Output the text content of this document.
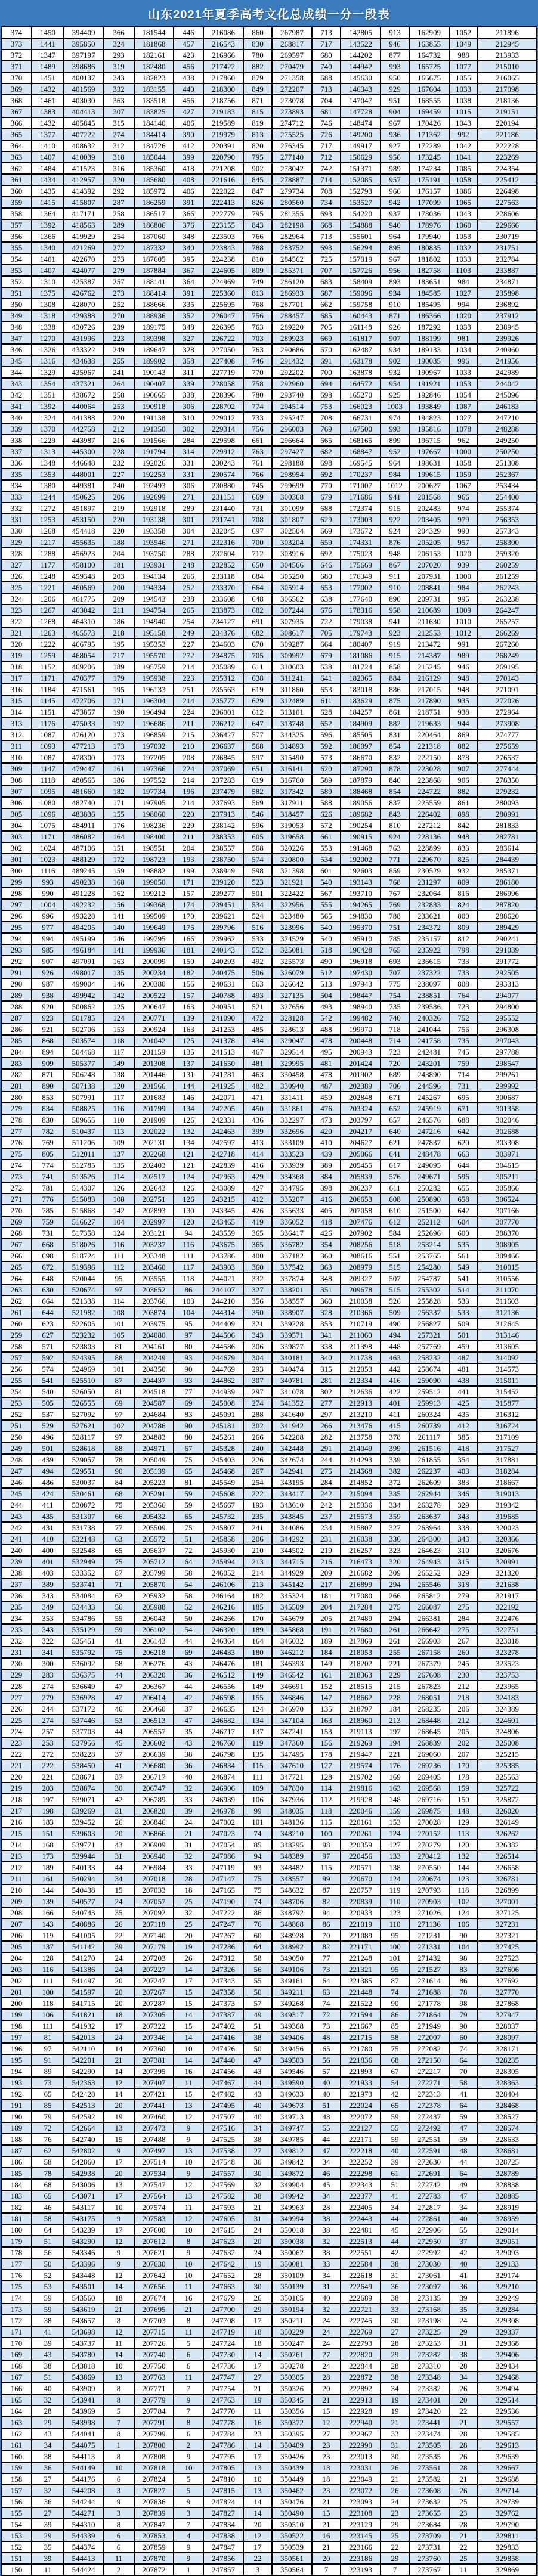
山东2021年夏季高考文化总成绩一分一段表
374	1450	394409	366	181544	446	216086	860	267987	713	142805	913	162909	1052	211896
373	1441	395850	324	181868	457	216543	830	268817	717	143522	946	163855	1049	212945
372	1347	397197	293	182161	423	216966	780	269597	680	144202	877	164732	988	213933
371	1489	398686	319	182480	456	217422	882	270479	740	144942	993	165725	1077	215010
370	1451	400137	343	182823	438	217860	879	271358	688	145630	950	166675	1055	216065
369	1432	401569	332	183155	440	218300	849	272207	713	146343	929	167604	1033	217098
368	1461	403030	363	183518	456	218756	871	273078	704	147047	951	168555	1038	218136
367	1383	404413	307	183825	427	219183	815	273893	681	147728	904	169459	1015	219151
366	1432	405845	315	184140	406	219589	819	274712	746	148474	967	170426	1043	220194
365	1377	407222	274	184414	390	219979	813	275525	726	149200	936	171362	992	221186
364	1410	408632	312	184726	412	220391	820	276345	717	149917	927	172289	1042	222228
363	1407	410039	318	185044	399	220790	795	277140	712	150629	956	173245	1041	223269
362	1484	411523	316	185360	418	221208	902	278042	742	151371	989	174234	1085	224354
361	1434	412957	320	185680	408	221616	845	278887	714	152085	957	175191	1058	225412
360	1435	414392	292	185972	406	222022	847	279734	708	152793	966	176157	1086	226498
359	1415	415807	287	186259	391	222413	826	280560	734	153527	942	177099	1065	227563
358	1364	417171	258	186517	366	222779	795	281355	693	154220	937	178036	1043	228606
357	1392	418563	289	186806	376	223155	843	282198	668	154888	940	178976	1060	229666
356	1366	419929	254	187060	348	223503	766	282964	713	155601	964	179940	1053	230719
355	1340	421269	272	187332	340	223843	788	283752	693	156294	895	180835	1032	231751
354	1401	422670	273	187605	395	224238	810	284562	725	157019	967	181802	1033	232784
353	1407	424077	279	187884	367	224605	809	285371	707	157726	956	182758	1103	233887
352	1310	425387	257	188141	364	224969	749	286120	683	158409	893	183651	984	234871
351	1375	426762	273	188414	391	225360	813	286933	687	159096	934	184585	1027	235898
350	1308	428070	252	188666	335	225695	768	287701	662	159758	910	185495	994	236892
349	1318	429388	270	188936	352	226047	756	288457	685	160443	871	186366	1020	237912
348	1338	430726	239	189175	348	226395	763	289220	705	161148	926	187292	1033	238945
347	1270	431996	223	189398	327	226722	703	289923	669	161817	907	188199	981	239926
346	1326	433322	249	189647	328	227050	763	290686	670	162487	934	189133	1034	240960
345	1316	434638	255	189902	358	227408	746	291432	691	163178	902	190035	996	241956
344	1329	435967	241	190143	311	227719	770	292202	700	163878	932	190967	1033	242989
343	1354	437321	264	190407	339	228058	758	292960	694	164572	954	191921	1053	244042
342	1351	438672	258	190665	338	228396	780	293740	698	165270	925	192846	1054	245096
341	1392	440064	253	190918	306	228702	774	294514	753	166023	1003	193849	1087	246183
340	1324	441388	220	191138	310	229012	733	295247	708	166731	974	194823	1027	247210
339	1370	442758	212	191350	302	229314	756	296003	769	167500	993	195816	1078	248288
338	1229	443987	216	191566	284	229598	661	296664	665	168165	899	196715	962	249250
337	1313	445300	228	191794	314	229912	763	297427	682	168847	952	197667	1000	250250
336	1348	446648	232	192026	331	230243	761	298188	698	169545	964	198631	1058	251308
335	1353	448001	227	192253	331	230574	766	298954	692	170237	984	199615	1059	252367
334	1380	449381	240	192493	306	230880	745	299699	770	171007	1012	200627	1067	253434
333	1244	450625	206	192699	271	231151	669	300368	679	171686	941	201568	966	254400
332	1272	451897	219	192918	289	231440	731	301099	688	172374	915	202483	974	255374
331	1253	453150	220	193138	301	231741	708	301807	629	173003	922	203405	979	256353
330	1268	454418	220	193358	304	232045	697	302504	669	173672	924	204329	990	257343
329	1217	455635	188	193546	271	232316	700	303204	659	174331	876	205205	957	258300
328	1288	456923	204	193750	288	232604	712	303916	692	175023	948	206153	1020	259320
327	1177	458100	181	193931	248	232852	650	304566	646	175669	867	207020	939	260259
326	1248	459348	203	194134	266	233118	684	305250	680	176349	911	207931	1000	261259
325	1221	460569	200	194334	252	233370	664	305914	653	177002	910	208841	984	262243
324	1206	461775	209	194543	238	233608	648	306562	638	177640	890	209731	995	263238
323	1267	463042	211	194754	265	233873	682	307244	676	178316	958	210689	1009	264247
322	1268	464310	186	194940	254	234127	691	307935	722	179038	941	211630	1010	265257
321	1263	465573	218	195158	249	234376	682	308617	705	179743	923	212553	1012	266269
320	1222	466795	195	195353	227	234603	670	309287	664	180407	919	213472	991	267260
319	1259	468054	217	195570	272	234875	705	309992	679	181086	915	214387	989	268249
318	1152	469206	189	195759	214	235089	611	310603	638	181724	858	215245	946	269195
317	1171	470377	179	195938	223	235312	638	311241	641	182365	884	216129	948	270143
316	1184	471561	195	196133	251	235563	619	311860	653	183018	886	217015	948	271091
315	1145	472706	171	196304	214	235777	629	312489	611	183629	875	217890	935	272026
314	1151	473857	190	196494	224	236001	612	313101	628	184257	861	218751	938	272964
313	1176	475033	192	196686	211	236212	647	313748	652	184909	882	219633	944	273908
312	1087	476120	173	196859	215	236427	577	314325	596	185505	831	220464	869	274777
311	1093	477213	173	197032	210	236637	568	314893	592	186097	854	221318	882	275659
310	1087	478300	173	197205	208	236845	597	315490	573	186670	832	222150	878	276537
309	1147	479447	161	197366	224	237069	651	316141	620	187290	878	223028	907	277444
308	1118	480565	186	197552	214	237283	619	316760	589	187879	840	223868	906	278350
307	1095	481660	182	197734	196	237479	582	317342	589	188468	854	224722	882	279232
306	1080	482740	171	197905	214	237693	569	317911	588	189056	837	225559	861	280093
305	1096	483836	155	198060	220	237913	546	318457	626	189682	843	226402	898	280991
304	1075	484911	176	198236	229	238142	596	319053	572	190254	810	227212	842	281833
303	1171	486082	164	198400	211	238353	605	319658	661	190915	924	228136	948	282781
302	1024	487106	151	198551	204	238557	568	320226	553	191468	763	228899	833	283614
301	1023	488129	172	198723	193	238750	574	320800	534	192002	771	229670	825	284439
300	1116	489245	159	198882	199	238949	598	321398	601	192603	859	230529	932	285371
299	993	490238	168	199050	171	239120	523	321921	540	193143	768	231297	809	286180
298	990	491228	162	199212	157	239277	501	322422	567	193710	767	232064	816	286996
297	1004	492232	156	199368	174	239451	534	322956	555	194265	769	232833	824	287820
296	996	493228	141	199509	170	239621	524	323480	565	194830	788	233621	800	288620
295	977	494205	140	199649	175	239796	516	323996	540	195370	751	234372	809	289429
294	994	495199	146	199795	166	239962	533	324529	540	195910	785	235157	812	290241
293	985	496184	141	199936	181	240143	552	325081	518	196428	765	235922	798	291039
292	907	497091	163	200099	150	240293	492	325573	490	196918	693	236615	733	291772
291	926	498017	135	200234	182	240475	506	326079	512	197430	707	237322	733	292505
290	987	499004	146	200380	156	240631	563	326642	513	197943	775	238097	808	293313
289	938	499942	142	200522	157	240788	493	327135	504	198447	754	238851	764	294077
288	920	500862	125	200647	163	240951	521	327656	493	198940	735	239586	723	294800
287	923	501785	124	200771	139	241090	472	328128	542	199482	740	240326	752	295552
286	921	502706	153	200924	163	241253	485	328613	488	199970	718	241044	756	296308
285	868	503574	118	201042	125	241378	434	329047	478	200448	714	241758	735	297043
284	894	504468	117	201159	135	241513	467	329514	495	200943	723	242481	745	297788
283	909	505377	149	201308	137	241650	481	329995	481	201424	720	243201	759	298547
282	871	506248	138	201446	131	241781	463	330458	478	201902	689	243890	714	299261
281	890	507138	120	201566	144	241925	482	330940	487	202389	706	244596	731	299992
280	853	507991	117	201683	146	242071	471	331411	459	202848	671	245267	695	300687
279	834	508825	116	201799	134	242205	450	331861	476	203324	652	245919	671	301358
278	830	509655	110	201909	126	242331	436	332297	473	203797	657	246576	688	302046
277	782	510437	113	202022	132	242463	399	332696	420	204217	640	247216	642	302688
276	769	511206	109	202131	134	242597	413	333109	410	204627	621	247837	620	303308
275	805	512011	137	202268	121	242718	414	333523	439	205066	641	248478	663	303971
274	774	512785	135	202403	121	242839	416	333939	389	205455	617	249095	644	304615
273	741	513526	114	202517	124	242963	429	334368	384	205839	576	249671	596	305211
272	781	514307	126	202643	126	243089	427	334795	398	206237	611	250282	655	305866
271	776	515083	108	202751	126	243215	412	335207	416	206653	608	250890	658	306524
270	785	515868	142	202893	130	243345	426	335633	405	207058	610	251500	642	307166
269	759	516627	104	202997	120	243465	419	336052	418	207476	612	252112	604	307770
268	731	517358	124	203121	94	243559	365	336417	426	207902	584	252696	600	308370
267	668	518026	116	203237	116	243675	365	336782	354	208256	518	253214	535	308905
266	698	518724	111	203348	111	243786	400	337182	360	208616	551	253765	561	309466
265	672	519396	112	203460	117	243903	360	337542	363	208979	515	254280	549	310015
264	648	520044	95	203555	118	244021	332	337874	348	209327	507	254787	541	310556
263	630	520674	97	203652	86	244107	327	338201	351	209678	515	255302	514	311070
262	664	521338	114	203766	103	244210	356	338557	360	210038	526	255828	533	311603
261	644	521982	108	203874	104	244314	350	338907	328	210366	509	256337	533	312136
260	623	522605	101	203975	95	244409	321	339228	353	210719	490	256827	509	312645
259	627	523232	105	204080	97	244506	343	339571	341	211060	494	257321	501	313146
258	571	523803	81	204161	80	244586	306	339877	338	211398	448	257769	459	313605
257	592	524395	88	204249	93	244679	304	340181	340	211738	463	258232	487	314092
256	574	524969	101	204350	90	244769	293	340474	315	212053	442	258674	481	314573
255	541	525510	87	204437	93	244862	307	340781	281	212334	416	259090	438	315011
254	540	526050	81	204518	77	244939	297	341078	302	212636	422	259512	441	315452
253	505	526555	69	204587	69	245008	274	341352	277	212913	401	259913	425	315877
252	537	527092	97	204684	83	245091	288	341640	297	213210	411	260324	435	316312
251	529	527621	102	204786	90	245181	302	341942	266	213476	415	260739	412	316724
250	496	528117	97	204883	80	245261	266	342208	282	213758	378	261117	385	317109
249	501	528618	88	204971	67	245328	240	342448	291	214049	399	261516	418	317527
248	439	529057	78	205049	75	245403	226	342674	244	214293	339	261855	354	317881
247	494	529551	90	205139	65	245468	267	342941	275	214568	382	262237	403	318284
246	486	530037	84	205223	81	245549	254	343195	284	214852	372	262609	383	318667
245	424	530461	68	205291	59	245608	222	343417	242	215094	335	262944	346	319013
244	411	530872	75	205366	59	245667	193	343610	242	215336	334	263278	329	319342
243	435	531307	66	205432	65	245732	235	343845	237	215573	359	263637	343	319685
242	431	531738	77	205509	75	245807	241	344086	234	215807	327	263964	338	320023
241	410	532148	63	205572	51	245858	206	344292	231	216038	336	264300	343	320366
240	400	532548	65	205637	72	245930	210	344502	219	216257	323	264623	310	320676
239	401	532949	75	205712	64	245994	213	344715	216	216473	320	264943	315	320991
238	403	533352	87	205799	58	246052	214	344929	209	216682	309	265252	329	321320
237	389	533741	71	205870	54	246106	213	345142	217	216899	294	265546	318	321638
236	343	534084	62	205932	58	246164	182	345324	181	217080	266	265812	279	321917
235	349	534433	56	205988	52	246216	185	345509	204	217284	275	266087	275	322192
234	353	534786	55	206043	50	246266	170	345679	205	217489	294	266381	284	322476
233	343	535129	59	206102	54	246320	189	345868	191	217680	261	266642	275	322751
232	322	535451	41	206143	44	246364	164	346032	189	217869	261	266903	267	323018
231	341	535792	75	206218	69	246433	180	346212	184	218053	255	267158	260	323278
230	300	536092	58	206276	43	246476	181	346393	149	218202	221	267379	245	323523
229	283	536375	44	206320	36	246512	149	346542	161	218363	229	267608	230	323753
228	274	536649	47	206367	44	246556	149	346691	152	218515	215	267823	212	323965
227	279	536928	47	206414	42	246598	155	346846	147	218662	228	268051	218	324183
226	244	537172	46	206460	37	246635	124	346970	135	218797	184	268235	206	324389
225	274	537446	53	206513	47	246682	134	347104	163	218960	213	268448	212	324601
224	257	537703	44	206557	35	246717	137	347241	153	219113	197	268645	205	324806
223	253	537956	45	206602	43	246760	119	347360	156	219269	194	268839	202	325008
222	272	538228	37	206639	38	246798	135	347495	178	219447	221	269060	207	325215
221	222	538450	41	206680	36	246834	115	347610	127	219574	176	269236	170	325385
220	221	538671	37	206717	40	246874	111	347721	128	219702	169	269405	178	325563
219	203	538874	30	206747	32	246906	109	347830	114	219816	163	269568	159	325722
218	197	539071	42	206789	33	246939	106	347936	112	219928	148	269716	150	325872
217	198	539269	31	206820	39	246978	99	348035	118	220046	159	269875	148	326020
216	183	539452	26	206846	24	247002	101	348136	115	220161	153	270028	129	326149
215	151	539603	20	206866	21	247023	74	348210	100	220261	124	270152	113	326262
214	168	539771	43	206909	31	247054	85	348295	98	220359	127	270279	120	326382
213	173	539944	31	206940	32	247086	94	348389	97	220456	133	270412	132	326514
212	189	540133	44	206984	33	247119	93	348482	115	220571	138	270550	144	326658
211	161	540294	34	207018	28	247147	75	348557	99	220670	124	270674	123	326781
210	144	540438	15	207033	18	247165	75	348632	87	220757	119	270793	118	326899
209	139	540577	24	207057	25	247190	74	348706	82	220839	110	270903	102	327001
208	166	540743	35	207092	32	247222	86	348792	94	220933	123	271026	124	327125
207	143	540886	26	207118	25	247247	76	348868	86	221019	110	271136	106	327231
206	119	541005	22	207140	20	247267	60	348928	70	221089	95	271231	90	327321
205	137	541142	39	207179	19	247286	64	348992	82	221171	100	271331	104	327425
204	128	541270	24	207203	26	247312	58	349050	77	221248	101	271432	98	327523
203	116	541386	24	207227	14	247326	56	349106	73	221321	95	271527	83	327606
202	111	541497	20	207247	17	247343	55	349161	64	221385	87	271614	86	327692
201	100	541597	20	207267	15	247358	50	349211	63	221448	74	271688	78	327770
200	118	541715	20	207287	15	247373	57	349268	74	221522	90	271778	98	327868
199	106	541821	18	207305	14	247387	49	349317	72	221594	86	271864	79	327947
198	111	541932	17	207322	15	247402	51	349368	73	221667	85	271949	90	328037
197	81	542013	24	207346	14	247416	38	349406	48	221715	58	272007	60	328097
196	97	542110	14	207360	10	247426	50	349456	65	221780	75	272082	74	328171
195	91	542201	21	207381	14	247440	47	349503	56	221836	68	272150	64	328235
194	89	542290	14	207395	16	247456	43	349546	57	221893	67	272217	70	328305
193	73	542363	12	207407	11	247467	44	349590	40	221933	54	272271	58	328363
192	65	542428	14	207421	15	247482	43	349633	40	221973	42	272313	41	328404
191	85	542513	20	207441	13	247495	40	349673	51	222024	65	272378	64	328468
190	79	542592	19	207460	12	247507	40	349713	48	222072	59	272437	59	328527
189	72	542664	13	207473	9	247516	34	349747	55	222127	55	272492	47	328574
188	76	542740	15	207488	9	247525	38	349785	44	222171	59	272551	59	328633
187	62	542802	9	207497	13	247538	27	349812	47	222218	40	272591	48	328681
186	58	542860	17	207514	10	247548	30	349842	34	222252	39	272630	44	328725
185	78	542938	20	207534	9	247557	30	349872	46	222298	61	272691	64	328789
184	68	543006	13	207547	12	247569	32	349904	45	222343	51	272742	49	328838
183	65	543071	17	207564	13	247582	38	349942	34	222377	41	272783	47	328885
182	46	543117	10	207574	11	247593	21	349963	28	222405	34	272817	34	328919
181	58	543175	9	207583	12	247605	31	349994	38	222443	44	272861	40	328959
180	64	543239	17	207600	10	247615	24	350018	38	222481	45	272906	55	329014
179	51	543290	12	207612	8	247623	20	350038	32	222513	44	272950	37	329051
178	56	543346	9	207621	9	247632	24	350062	38	222551	42	272992	42	329093
177	50	543396	9	207630	10	247642	19	350081	33	222584	38	273030	40	329133
176	52	543448	12	207642	10	247652	28	350109	34	222618	31	273061	41	329174
175	53	543501	14	207656	11	247663	30	350139	31	222649	36	273097	36	329210
174	59	543560	18	207674	16	247679	26	350165	40	222689	38	273135	39	329249
173	59	543619	21	207695	21	247700	29	350194	32	222721	33	273168	35	329284
172	38	543657	8	207703	8	247708	17	350211	24	222745	30	273198	24	329308
171	41	543698	12	207715	11	247719	18	350229	24	222769	27	273225	29	329337
170	39	543737	11	207726	5	247724	18	350247	24	222793	28	273253	31	329368
169	43	543780	14	207740	6	247730	14	350261	27	222820	29	273282	38	329406
168	38	543818	10	207750	6	247736	17	350278	24	222844	28	273310	28	329434
167	51	543869	13	207763	11	247747	27	350305	28	222872	38	273348	34	329468
166	40	543909	8	207771	7	247754	21	350326	20	222892	34	273382	26	329494
165	32	543941	8	207779	9	247763	19	350345	21	222913	19	273401	20	329514
164	28	543969	5	207784	7	247770	11	350356	15	222928	19	273420	22	329536
163	29	543998	7	207791	8	247778	16	350372	12	222940	21	273441	21	329557
162	43	544041	8	207799	6	247784	23	350395	27	222967	33	273474	28	329585
161	34	544075	1	207800	2	247786	14	350409	23	222990	31	273505	28	329613
160	38	544113	8	207808	9	247795	17	350426	23	223013	30	273535	26	329639
159	36	544149	10	207818	10	247805	13	350439	18	223031	26	273561	28	329667
158	27	544176	6	207824	5	247810	10	350449	18	223049	21	273582	21	329688
157	32	544208	3	207827	5	247815	13	350462	23	223072	26	273608	26	329714
156	36	544244	9	207836	9	247824	14	350476	21	223093	24	273632	25	329739
155	27	544271	3	207839	3	247827	14	350490	15	223108	23	273655	23	329762
154	39	544310	8	207847	7	247834	20	350510	21	223129	29	273684	28	329790
153	29	544339	6	207853	4	247838	12	350522	16	223145	25	273709	21	329811
152	35	544374	6	207859	9	247847	17	350539	21	223166	22	273731	22	329833
151	39	544413	11	207870	9	247856	22	350561	20	223186	29	273760	25	329858
150	11	544424	2	207872	1	247857	3	350564	7	223193	7	273767	11	329869
